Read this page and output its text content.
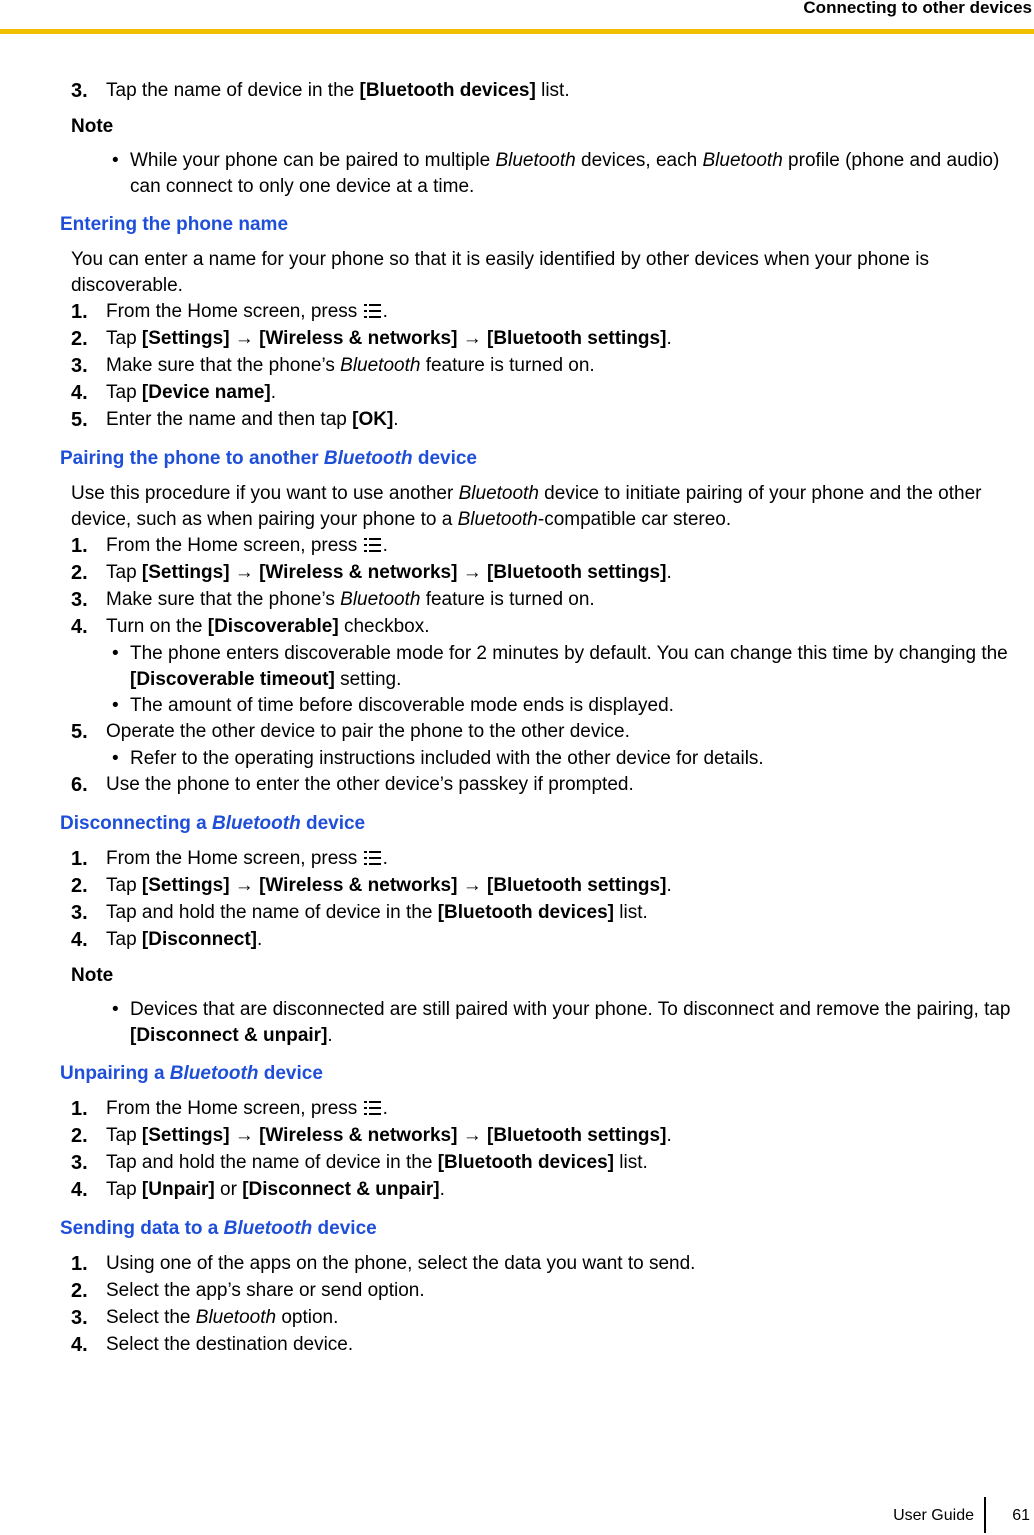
Connecting to other devices
3. Tap the name of device in the [Bluetooth devices] list.
Note
• While your phone can be paired to multiple Bluetooth devices, each Bluetooth profile (phone and audio) can connect to only one device at a time.
Entering the phone name
You can enter a name for your phone so that it is easily identified by other devices when your phone is discoverable.
1. From the Home screen, press .
2. Tap [Settings] → [Wireless & networks] → [Bluetooth settings].
3. Make sure that the phone’s Bluetooth feature is turned on.
4. Tap [Device name].
5. Enter the name and then tap [OK].
Pairing the phone to another Bluetooth device
Use this procedure if you want to use another Bluetooth device to initiate pairing of your phone and the other device, such as when pairing your phone to a Bluetooth-compatible car stereo.
1. From the Home screen, press .
2. Tap [Settings] → [Wireless & networks] → [Bluetooth settings].
3. Make sure that the phone’s Bluetooth feature is turned on.
4. Turn on the [Discoverable] checkbox.
• The phone enters discoverable mode for 2 minutes by default. You can change this time by changing the [Discoverable timeout] setting.
• The amount of time before discoverable mode ends is displayed.
5. Operate the other device to pair the phone to the other device.
• Refer to the operating instructions included with the other device for details.
6. Use the phone to enter the other device’s passkey if prompted.
Disconnecting a Bluetooth device
1. From the Home screen, press .
2. Tap [Settings] → [Wireless & networks] → [Bluetooth settings].
3. Tap and hold the name of device in the [Bluetooth devices] list.
4. Tap [Disconnect].
Note
• Devices that are disconnected are still paired with your phone. To disconnect and remove the pairing, tap [Disconnect & unpair].
Unpairing a Bluetooth device
1. From the Home screen, press .
2. Tap [Settings] → [Wireless & networks] → [Bluetooth settings].
3. Tap and hold the name of device in the [Bluetooth devices] list.
4. Tap [Unpair] or [Disconnect & unpair].
Sending data to a Bluetooth device
1. Using one of the apps on the phone, select the data you want to send.
2. Select the app’s share or send option.
3. Select the Bluetooth option.
4. Select the destination device.
User Guide 61
